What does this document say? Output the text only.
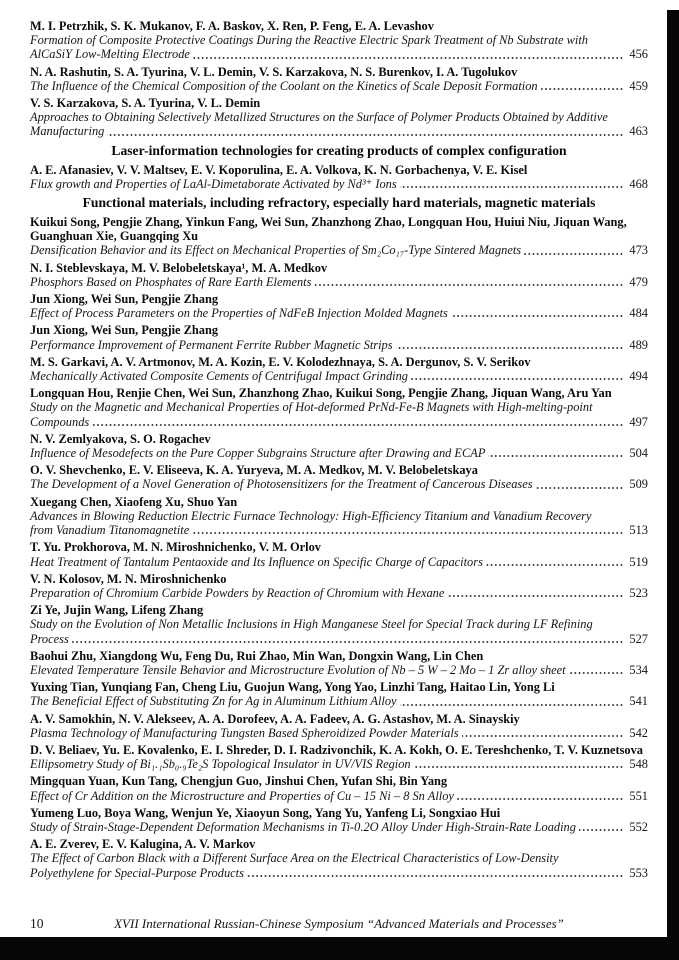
M. I. Petrzhik, S. K. Mukanov, F. A. Baskov, X. Ren, P. Feng, E. A. Levashov
Formation of Composite Protective Coatings During the Reactive Electric Spark Treatment of Nb Substrate with AlCaSiY Low-Melting Electrode	456
N. A. Rashutin, S. A. Tyurina, V. L. Demin, V. S. Karzakova, N. S. Burenkov, I. A. Tugolukov
The Influence of the Chemical Composition of the Coolant on the Kinetics of Scale Deposit Formation	459
V. S. Karzakova, S. A. Tyurina, V. L. Demin
Approaches to Obtaining Selectively Metallized Structures on the Surface of Polymer Products Obtained by Additive Manufacturing	463
Laser-information technologies for creating products of complex configuration
A. E. Afanasiev, V. V. Maltsev, E. V. Koporulina, E. A. Volkova, K. N. Gorbachenya, V. E. Kisel
Flux growth and Properties of LaAl-Dimetaborate Activated by Nd³⁺ Ions	468
Functional materials, including refractory, especially hard materials, magnetic materials
Kuikui Song, Pengjie Zhang, Yinkun Fang, Wei Sun, Zhanzhong Zhao, Longquan Hou, Huiui Niu, Jiquan Wang, Guanghuan Xie, Guangqing Xu
Densification Behavior and its Effect on Mechanical Properties of Sm₂Co₁₇-Type Sintered Magnets	473
N. I. Steblevskaya, M. V. Belobeletskaya¹, M. A. Medkov
Phosphors Based on Phosphates of Rare Earth Elements	479
Jun Xiong, Wei Sun, Pengjie Zhang
Effect of Process Parameters on the Properties of NdFeB Injection Molded Magnets	484
Jun Xiong, Wei Sun, Pengjie Zhang
Performance Improvement of Permanent Ferrite Rubber Magnetic Strips	489
M. S. Garkavi, A. V. Artmonov, M. A. Kozin, E. V. Kolodezhnaya, S. A. Dergunov, S. V. Serikov
Mechanically Activated Composite Cements of Centrifugal Impact Grinding	494
Longquan Hou, Renjie Chen, Wei Sun, Zhanzhong Zhao, Kuikui Song, Pengjie Zhang, Jiquan Wang, Aru Yan
Study on the Magnetic and Mechanical Properties of Hot-deformed PrNd-Fe-B Magnets with High-melting-point Compounds	497
N. V. Zemlyakova, S. O. Rogachev
Influence of Mesodefects on the Pure Copper Subgrains Structure after Drawing and ECAP	504
O. V. Shevchenko, E. V. Eliseeva, K. A. Yuryeva, M. A. Medkov, M. V. Belobeletskaya
The Development of a Novel Generation of Photosensitizers for the Treatment of Cancerous Diseases	509
Xuegang Chen, Xiaofeng Xu, Shuo Yan
Advances in Blowing Reduction Electric Furnace Technology: High-Efficiency Titanium and Vanadium Recovery from Vanadium Titanomagnetite	513
T. Yu. Prokhorova, M. N. Miroshnichenko, V. M. Orlov
Heat Treatment of Tantalum Pentaoxide and Its Influence on Specific Charge of Capacitors	519
V. N. Kolosov, M. N. Miroshnichenko
Preparation of Chromium Carbide Powders by Reaction of Chromium with Hexane	523
Zi Ye, Jujin Wang, Lifeng Zhang
Study on the Evolution of Non Metallic Inclusions in High Manganese Steel for Special Track during LF Refining Process	527
Baohui Zhu, Xiangdong Wu, Feng Du, Rui Zhao, Min Wan, Dongxin Wang, Lin Chen
Elevated Temperature Tensile Behavior and Microstructure Evolution of Nb – 5 W – 2 Mo – 1 Zr alloy sheet	534
Yuxing Tian, Yunqiang Fan, Cheng Liu, Guojun Wang, Yong Yao, Linzhi Tang, Haitao Lin, Yong Li
The Beneficial Effect of Substituting Zn for Ag in Aluminum Lithium Alloy	541
A. V. Samokhin, N. V. Alekseev, A. A. Dorofeev, A. A. Fadeev, A. G. Astashov, M. A. Sinayskiy
Plasma Technology of Manufacturing Tungsten Based Spheroidized Powder Materials	542
D. V. Beliaev, Yu. E. Kovalenko, E. I. Shreder, D. I. Radzivonchik, K. A. Kokh, O. E. Tereshchenko, T. V. Kuznetsova
Ellipsometry Study of Bi₁.₁Sb₀.₉Te₂S Topological Insulator in UV/VIS Region	548
Mingquan Yuan, Kun Tang, Chengjun Guo, Jinshui Chen, Yufan Shi, Bin Yang
Effect of Cr Addition on the Microstructure and Properties of Cu – 15 Ni – 8 Sn Alloy	551
Yumeng Luo, Boya Wang, Wenjun Ye, Xiaoyun Song, Yang Yu, Yanfeng Li, Songxiao Hui
Study of Strain-Stage-Dependent Deformation Mechanisms in Ti-0.2O Alloy Under High-Strain-Rate Loading	552
A. E. Zverev, E. V. Kalugina, A. V. Markov
The Effect of Carbon Black with a Different Surface Area on the Electrical Characteristics of Low-Density Polyethylene for Special-Purpose Products	553
10	XVII International Russian-Chinese Symposium “Advanced Materials and Processes”
